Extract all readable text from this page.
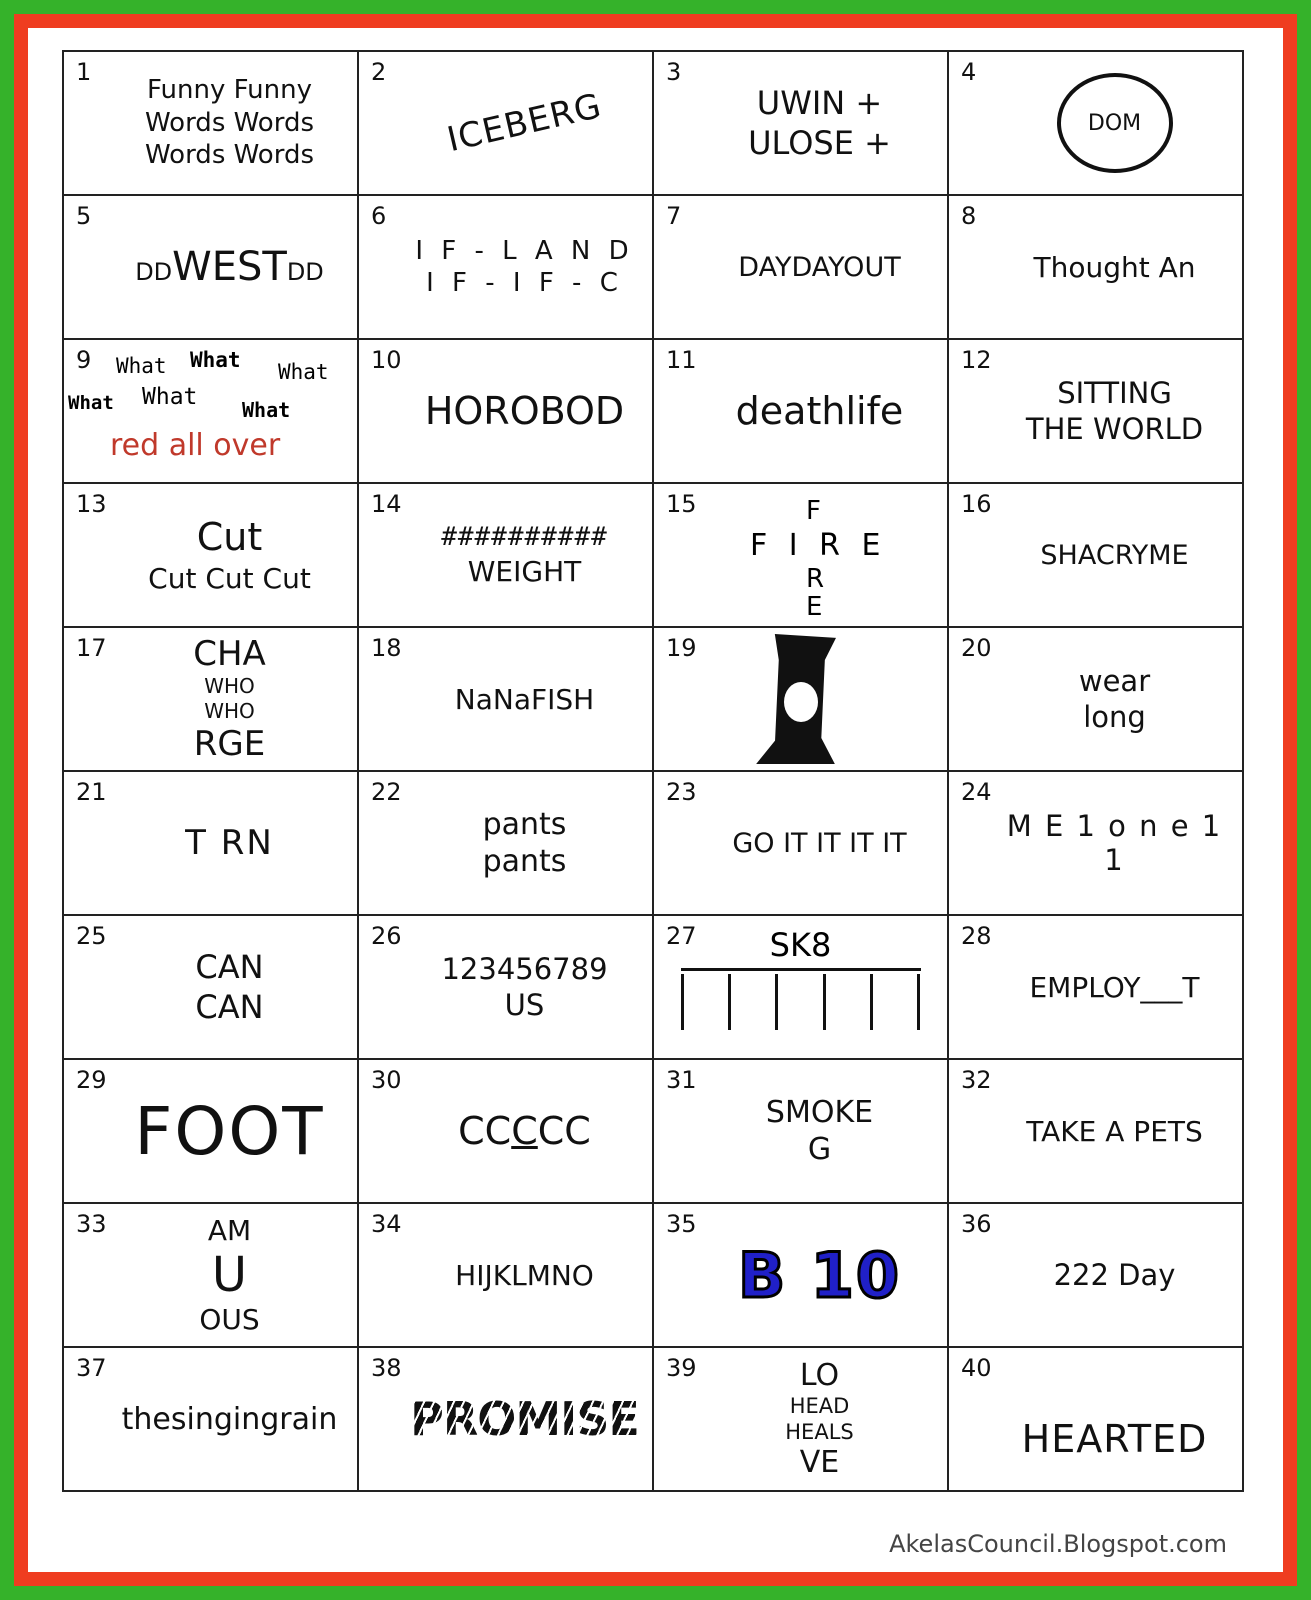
1
Funny Funny
Words Words
Words Words
2
ICEBERG
3
UWIN +
ULOSE +
4
DOM
5
DDWESTDD
6
I F - L A N D
I F - I F - C
7
DAYDAYOUT
8
Thought An
9 What What What
What What What
red all over
10
HOROBOD
11
deathlife
12
SITTING
THE WORLD
13
Cut
Cut Cut Cut
14
##########
WEIGHT
15	F
F I R E
R
E
16
SHACRYME
17	CHA
WHO
WHO
RGE
18
NaNaFISH
19	20
wear
long
21
T RN
22
pants
pants
23
GO IT IT IT IT
24
M E 1 o n e 1 1
25
CAN
CAN
26
123456789
US
27 SK8	28
EMPLOY___T
29
FOOT
30
CCCCC
31
SMOKE
G
32
TAKE A PETS
33	AM
U
OUS
34
HIJKLMNO
35
B 10
36
222 Day
37
thesingingrain
38
PROMISE
39	LO
HEAD
HEALS
VE
40
HEARTED
AkelasCouncil.Blogspot.com
